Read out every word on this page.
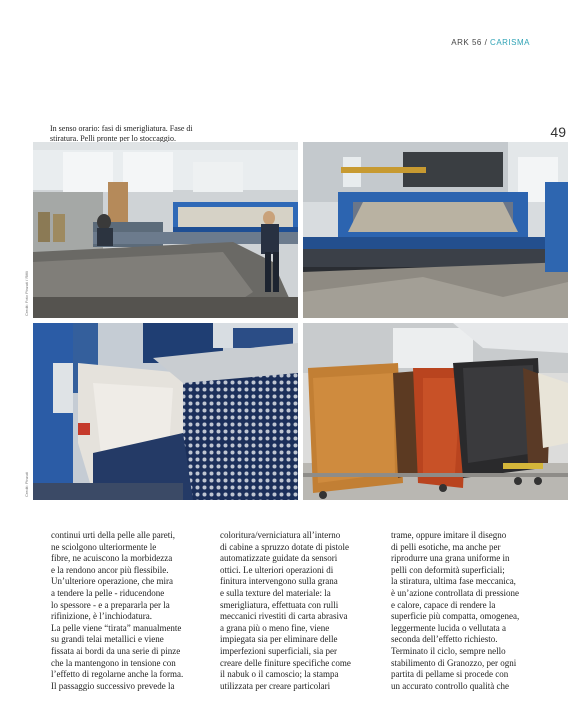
ARK 56 / CARISMA
In senso orario: fasi di smerigliatura. Fase di
stiratura. Pelli pronte per lo stoccaggio.	49
Credit: Foto Pinzuti / Rifili
Credit: Pinzuti

continui urti della pelle alle pareti,

ne sciolgono ulteriormente le

fibre, ne acuiscono la morbidezza

e la rendono ancor più flessibile.

Un’ulteriore operazione, che mira

a tendere la pelle - riducendone

lo spessore - e a prepararla per la

rifinizione, è l’inchiodatura.

La pelle viene “tirata” manualmente

su grandi telai metallici e viene

fissata ai bordi da una serie di pinze

che la mantengono in tensione con

l’effetto di regolarne anche la forma.

Il passaggio successivo prevede la

coloritura/verniciatura all’interno

di cabine a spruzzo dotate di pistole

automatizzate guidate da sensori

ottici. Le ulteriori operazioni di

finitura intervengono sulla grana

e sulla texture del materiale: la

smerigliatura, effettuata con rulli

meccanici rivestiti di carta abrasiva

a grana più o meno fine, viene

impiegata sia per eliminare delle

imperfezioni superficiali, sia per

creare delle finiture specifiche come

il nabuk o il camoscio; la stampa

utilizzata per creare particolari

trame, oppure imitare il disegno

di pelli esotiche, ma anche per

riprodurre una grana uniforme in

pelli con deformità superficiali;

la stiratura, ultima fase meccanica,

è un’azione controllata di pressione

e calore, capace di rendere la

superficie più compatta, omogenea,

leggermente lucida o vellutata a

seconda dell’effetto richiesto.

Terminato il ciclo, sempre nello

stabilimento di Granozzo, per ogni

partita di pellame si procede con

un accurato controllo qualità che
